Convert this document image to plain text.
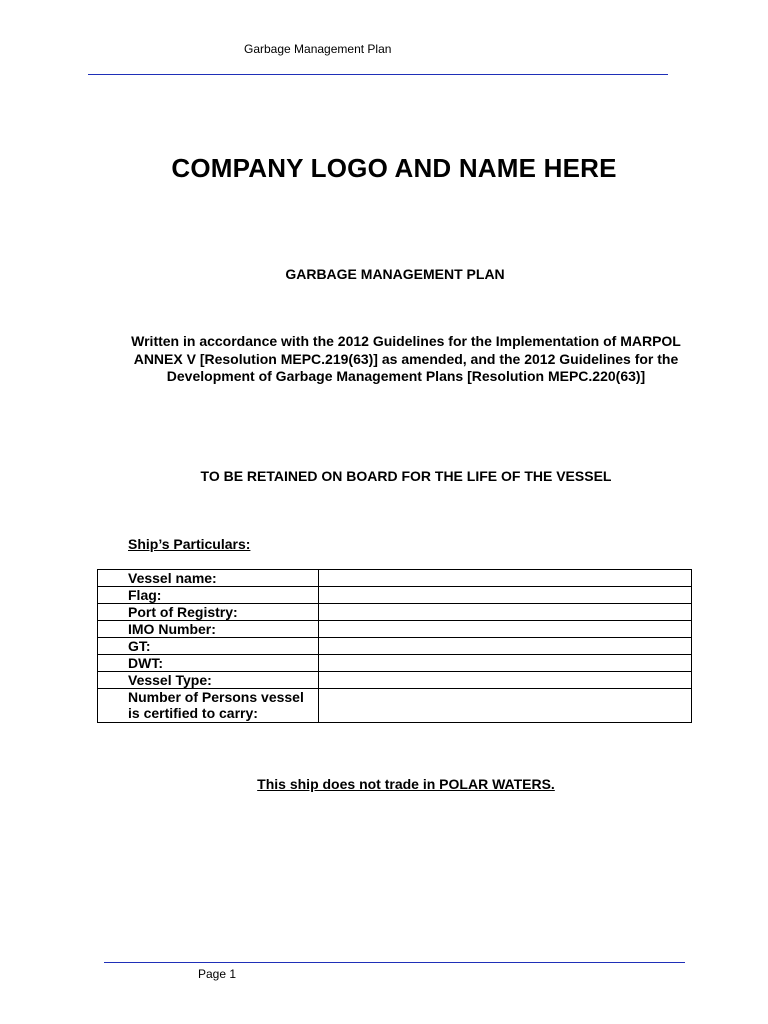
Garbage Management Plan
COMPANY LOGO AND NAME HERE
GARBAGE MANAGEMENT PLAN
Written in accordance with the 2012 Guidelines for the Implementation of MARPOL ANNEX V [Resolution MEPC.219(63)] as amended, and the 2012 Guidelines for the Development of Garbage Management Plans [Resolution MEPC.220(63)]
TO BE RETAINED ON BOARD FOR THE LIFE OF THE VESSEL
Ship’s Particulars:
Vessel name:	
Flag:	
Port of Registry:	
IMO Number:	
GT:	
DWT:	
Vessel Type:	
Number of Persons vessel is certified to carry:	
This ship does not trade in POLAR WATERS.
Page 1
